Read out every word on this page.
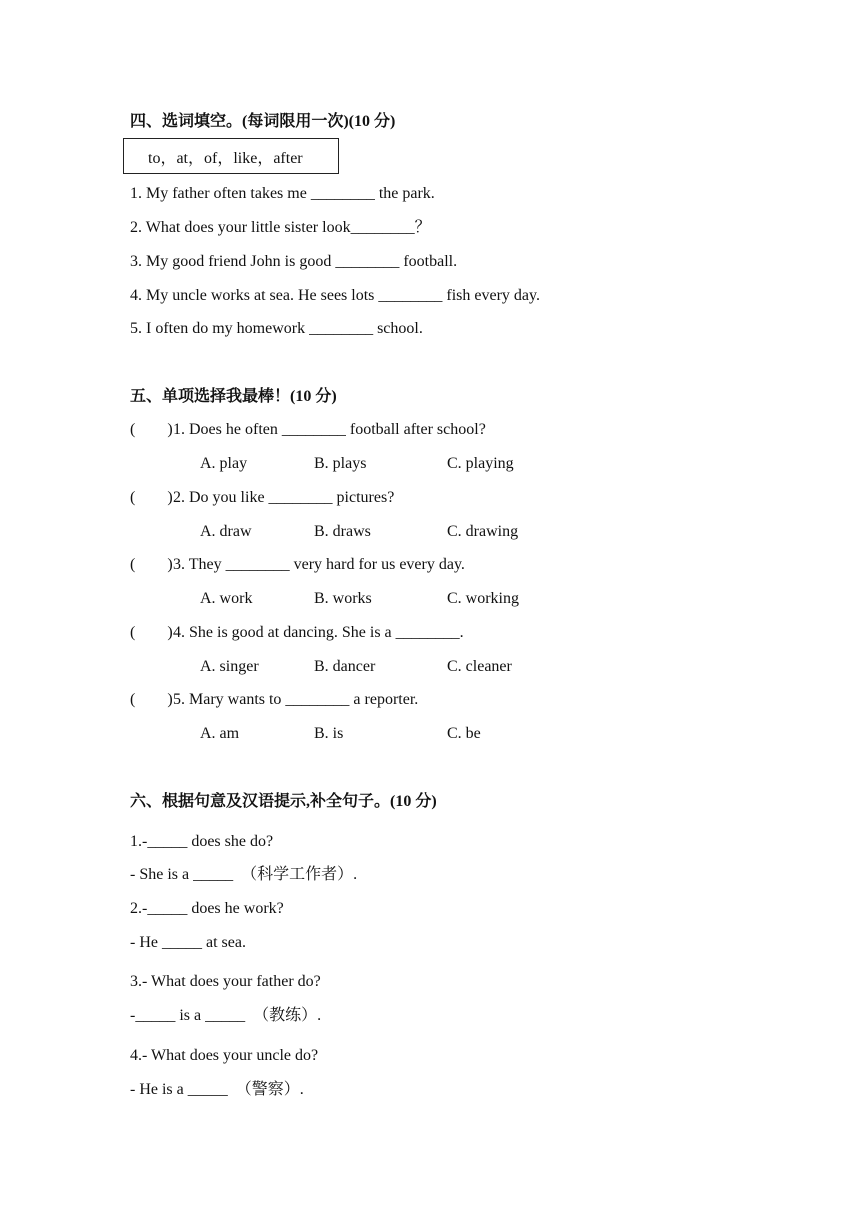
四、选词填空。(每词限用一次)(10 分)
to，at，of，like，after
1. My father often takes me ________ the park.
2. What does your little sister look________？
3. My good friend John is good ________ football.
4. My uncle works at sea. He sees lots ________ fish every day.
5. I often do my homework ________ school.
五、单项选择我最棒！(10 分)
(        ) 1. Does he often ________ football after school?
A. play	B. plays	C. playing
(        ) 2. Do you like ________ pictures?
A. draw	B. draws	C. drawing
(        ) 3. They ________ very hard for us every day.
A. work	B. works	C. working
(        ) 4. She is good at dancing. She is a ________.
A. singer	B. dancer	C. cleaner
(        ) 5. Mary wants to ________ a reporter.
A. am	B. is	C. be
六、根据句意及汉语提示,补全句子。(10 分)
1.-_____ does she do?
- She is a _____  （科学工作者）.
2.-_____ does he work?
- He _____ at sea.
3.- What does your father do?
-_____ is a _____  （教练）.
4.- What does your uncle do?
- He is a _____  （警察）.
